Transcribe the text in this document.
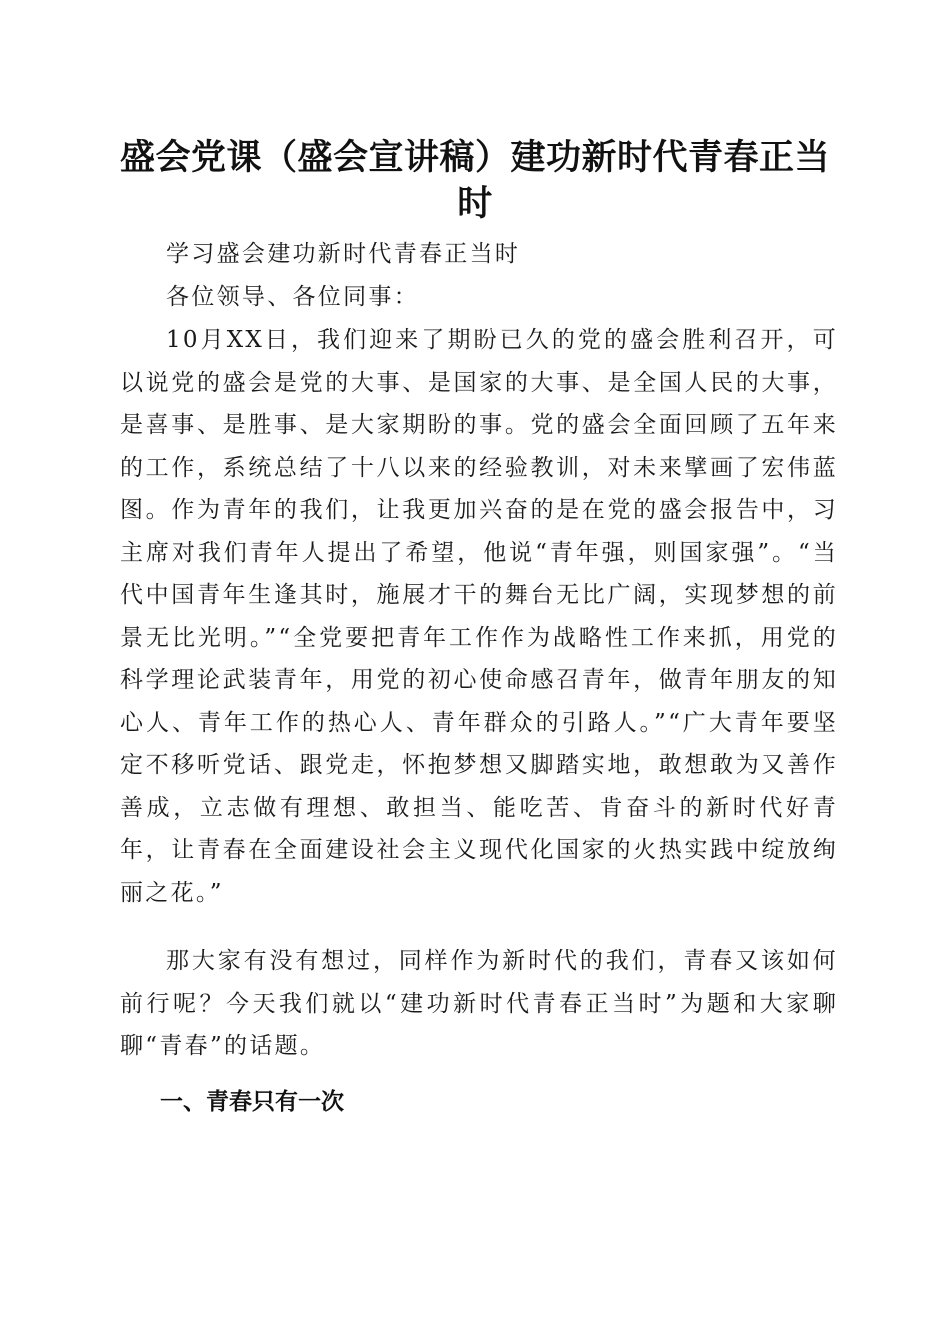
盛会党课（盛会宣讲稿）建功新时代青春正当时

学习盛会建功新时代青春正当时

各位领导、各位同事：

10月XX日，我们迎来了期盼已久的党的盛会胜利召开，可以说党的盛会是党的大事、是国家的大事、是全国人民的大事，是喜事、是胜事、是大家期盼的事。党的盛会全面回顾了五年来的工作，系统总结了十八以来的经验教训，对未来擘画了宏伟蓝图。作为青年的我们，让我更加兴奋的是在党的盛会报告中，习主席对我们青年人提出了希望，他说“青年强，则国家强”。“当代中国青年生逢其时，施展才干的舞台无比广阔，实现梦想的前景无比光明。”“全党要把青年工作作为战略性工作来抓，用党的科学理论武装青年，用党的初心使命感召青年，做青年朋友的知心人、青年工作的热心人、青年群众的引路人。”“广大青年要坚定不移听党话、跟党走，怀抱梦想又脚踏实地，敢想敢为又善作善成，立志做有理想、敢担当、能吃苦、肯奋斗的新时代好青年，让青春在全面建设社会主义现代化国家的火热实践中绽放绚丽之花。”

那大家有没有想过，同样作为新时代的我们，青春又该如何前行呢？今天我们就以“建功新时代青春正当时”为题和大家聊聊“青春”的话题。

一、青春只有一次
